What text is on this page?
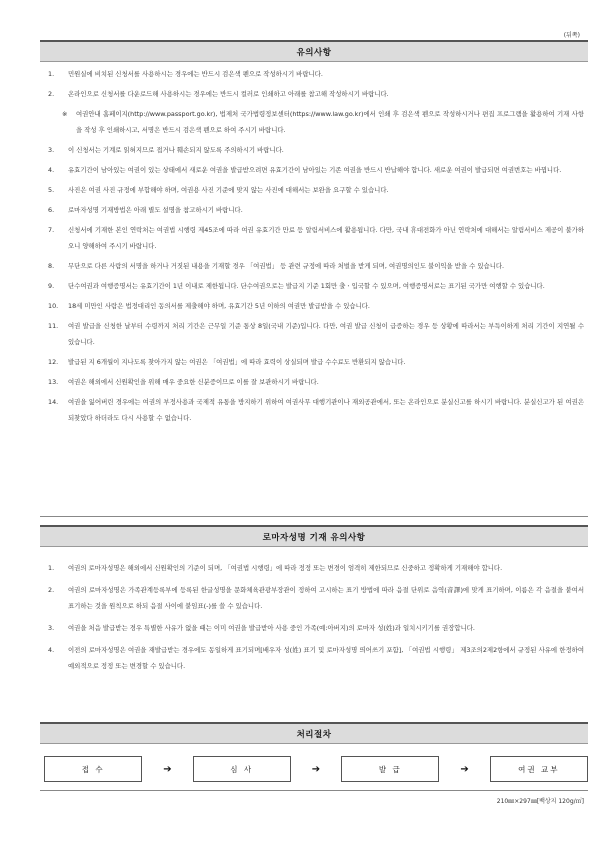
(뒤쪽)
유의사항
1.	민원실에 비치된 신청서를 사용하시는 경우에는 반드시 검은색 펜으로 작성하시기 바랍니다.
2.	온라인으로 신청서를 다운로드해 사용하시는 경우에는 반드시 컬러로 인쇄하고 아래를 참고해 작성하시기 바랍니다.
※	여권안내 홈페이지(http://www.passport.go.kr), 법제처 국가법령정보센터(https://www.law.go.kr)에서 인쇄 후 검은색 펜으로 작성하시거나 편집 프로그램을 활용하여 기재 사항을 작성 후 인쇄하시고, 서명은 반드시 검은색 펜으로 하여 주시기 바랍니다.
3.	이 신청서는 기계로 읽혀지므로 접거나 훼손되지 않도록 주의하시기 바랍니다.
4.	유효기간이 남아있는 여권이 있는 상태에서 새로운 여권을 발급받으려면 유효기간이 남아있는 기존 여권을 반드시 반납해야 합니다. 새로운 여권이 발급되면 여권번호는 바뀝니다.
5.	사진은 여권 사진 규정에 부합해야 하며, 여권용 사진 기준에 맞지 않는 사진에 대해서는 보완을 요구할 수 있습니다.
6.	로마자성명 기재방법은 아래 별도 설명을 참고하시기 바랍니다.
7.	신청서에 기재한 본인 연락처는 여권법 시행령 제45조에 따라 여권 유효기간 만료 등 알림서비스에 활용됩니다. 다만, 국내 휴대전화가 아닌 연락처에 대해서는 알림서비스 제공이 불가하오니 양해하여 주시기 바랍니다.
8.	무단으로 다른 사람의 서명을 하거나 거짓된 내용을 기재할 경우 「여권법」 등 관련 규정에 따라 처벌을 받게 되며, 여권명의인도 불이익을 받을 수 있습니다.
9.	단수여권과 여행증명서는 유효기간이 1년 이내로 제한됩니다. 단수여권으로는 발급지 기준 1회만 출ㆍ입국할 수 있으며, 여행증명서로는 표기된 국가만 여행할 수 있습니다.
10.	18세 미만인 사람은 법정대리인 동의서를 제출해야 하며, 유효기간 5년 이하의 여권만 발급받을 수 있습니다.
11.	여권 발급을 신청한 날부터 수령까지 처리 기간은 근무일 기준 통상 8일(국내 기준)입니다. 다만, 여권 발급 신청이 급증하는 경우 등 상황에 따라서는 부득이하게 처리 기간이 지연될 수 있습니다.
12.	발급된 지 6개월이 지나도록 찾아가지 않는 여권은 「여권법」에 따라 효력이 상실되며 발급 수수료도 반환되지 않습니다.
13.	여권은 해외에서 신원확인을 위해 매우 중요한 신분증이므로 이를 잘 보관하시기 바랍니다.
14.	여권을 잃어버린 경우에는 여권의 부정사용과 국제적 유통을 방지하기 위하여 여권사무 대행기관이나 재외공관에서, 또는 온라인으로 분실신고를 하시기 바랍니다. 분실신고가 된 여권은 되찾았다 하더라도 다시 사용할 수 없습니다.
로마자성명 기재 유의사항
1.	여권의 로마자성명은 해외에서 신원확인의 기준이 되며, 「여권법 시행령」에 따라 정정 또는 변경이 엄격히 제한되므로 신중하고 정확하게 기재해야 합니다.
2.	여권의 로마자성명은 가족관계등록부에 등록된 한글성명을 문화체육관광부장관이 정하여 고시하는 표기 방법에 따라 음절 단위로 음역(音譯)에 맞게 표기하며, 이름은 각 음절을 붙여서 표기하는 것을 원칙으로 하되 음절 사이에 붙임표(-)를 쓸 수 있습니다.
3.	여권을 처음 발급받는 경우 특별한 사유가 없을 때는 이미 여권을 발급받아 사용 중인 가족(예:아버지)의 로마자 성(姓)과 일치시키기를 권장합니다.
4.	이전의 로마자성명은 여권을 재발급받는 경우에도 동일하게 표기되며[배우자 성(姓) 표기 및 로마자성명 띄어쓰기 포함], 「여권법 시행령」 제3조의2제2항에서 규정된 사유에 한정하여 예외적으로 정정 또는 변경할 수 있습니다.
처리절차
접 수	➔	심 사	➔	발 급	➔	여권 교부
210㎜×297㎜[백상지 120g/㎡]
